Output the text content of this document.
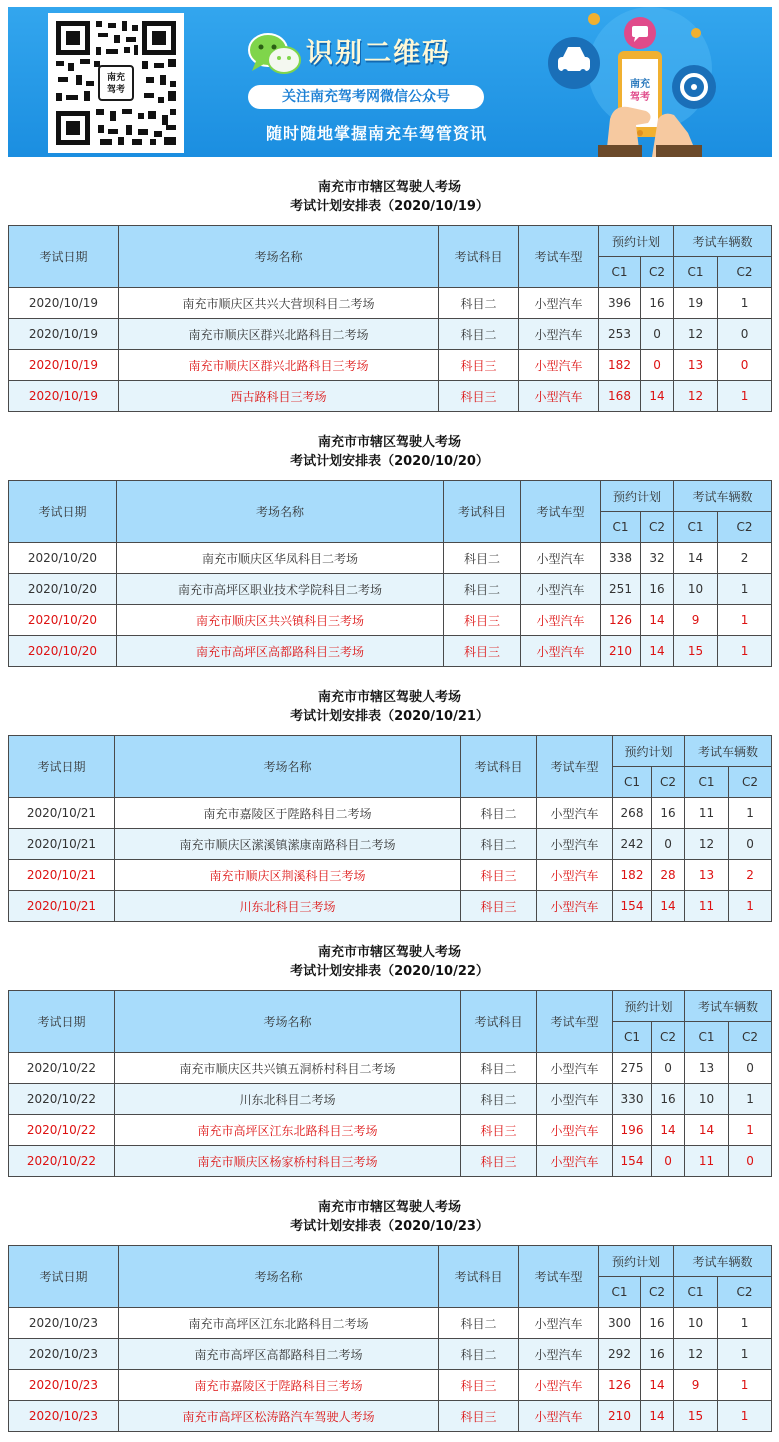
南充
驾考
识别二维码
关注南充驾考网微信公众号
随时随地掌握南充车驾管资讯
南充
驾考
南充市市辖区驾驶人考场
考试计划安排表（2020/10/19）
考试日期	考场名称	考试科目	考试车型	预约计划		考试车辆数	
				C1	C2	C1	C2
2020/10/19	南充市顺庆区共兴大营坝科目二考场	科目二	小型汽车	396	16	19	1
2020/10/19	南充市顺庆区群兴北路科目二考场	科目二	小型汽车	253	0	12	0
2020/10/19	南充市顺庆区群兴北路科目三考场	科目三	小型汽车	182	0	13	0
2020/10/19	西古路科目三考场	科目三	小型汽车	168	14	12	1
南充市市辖区驾驶人考场
考试计划安排表（2020/10/20）
考试日期	考场名称	考试科目	考试车型	预约计划		考试车辆数	
				C1	C2	C1	C2
2020/10/20	南充市顺庆区华凤科目二考场	科目二	小型汽车	338	32	14	2
2020/10/20	南充市高坪区职业技术学院科目二考场	科目二	小型汽车	251	16	10	1
2020/10/20	南充市顺庆区共兴镇科目三考场	科目三	小型汽车	126	14	9	1
2020/10/20	南充市高坪区高都路科目三考场	科目三	小型汽车	210	14	15	1
南充市市辖区驾驶人考场
考试计划安排表（2020/10/21）
考试日期	考场名称	考试科目	考试车型	预约计划		考试车辆数	
				C1	C2	C1	C2
2020/10/21	南充市嘉陵区于陛路科目二考场	科目二	小型汽车	268	16	11	1
2020/10/21	南充市顺庆区潆溪镇潆康南路科目二考场	科目二	小型汽车	242	0	12	0
2020/10/21	南充市顺庆区荆溪科目三考场	科目三	小型汽车	182	28	13	2
2020/10/21	川东北科目三考场	科目三	小型汽车	154	14	11	1
南充市市辖区驾驶人考场
考试计划安排表（2020/10/22）
考试日期	考场名称	考试科目	考试车型	预约计划		考试车辆数	
				C1	C2	C1	C2
2020/10/22	南充市顺庆区共兴镇五洞桥村科目二考场	科目二	小型汽车	275	0	13	0
2020/10/22	川东北科目二考场	科目二	小型汽车	330	16	10	1
2020/10/22	南充市高坪区江东北路科目三考场	科目三	小型汽车	196	14	14	1
2020/10/22	南充市顺庆区杨家桥村科目三考场	科目三	小型汽车	154	0	11	0
南充市市辖区驾驶人考场
考试计划安排表（2020/10/23）
考试日期	考场名称	考试科目	考试车型	预约计划		考试车辆数	
				C1	C2	C1	C2
2020/10/23	南充市高坪区江东北路科目二考场	科目二	小型汽车	300	16	10	1
2020/10/23	南充市高坪区高都路科目二考场	科目二	小型汽车	292	16	12	1
2020/10/23	南充市嘉陵区于陛路科目三考场	科目三	小型汽车	126	14	9	1
2020/10/23	南充市高坪区松涛路汽车驾驶人考场	科目三	小型汽车	210	14	15	1
